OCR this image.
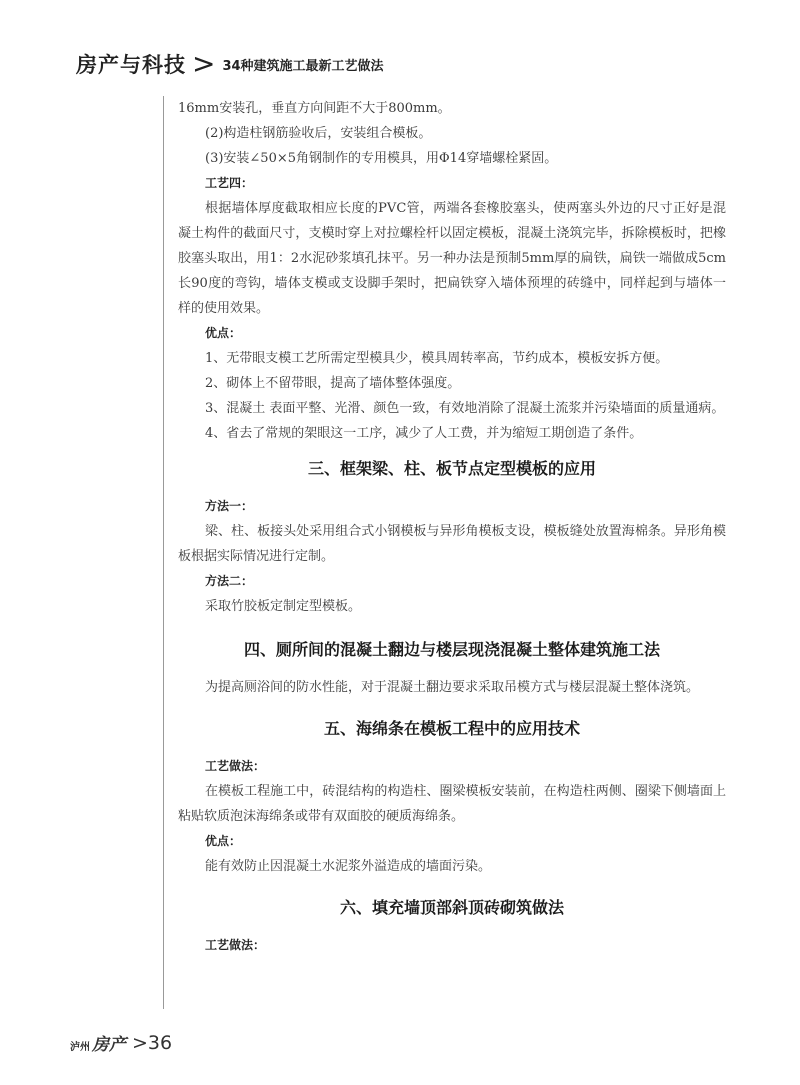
房产与科技 > 34种建筑施工最新工艺做法

16mm安装孔，垂直方向间距不大于800mm。

(2)构造柱钢筋验收后，安装组合模板。

(3)安装∠50×5角钢制作的专用模具，用Φ14穿墙螺栓紧固。

工艺四：

根据墙体厚度截取相应长度的PVC管，两端各套橡胶塞头，使两塞头外边的尺寸正好是混凝土构件的截面尺寸，支模时穿上对拉螺栓杆以固定模板，混凝土浇筑完毕，拆除模板时，把橡胶塞头取出，用1：2水泥砂浆填孔抹平。另一种办法是预制5mm厚的扁铁，扁铁一端做成5cm长90度的弯钩，墙体支模或支设脚手架时，把扁铁穿入墙体预埋的砖缝中，同样起到与墙体一样的使用效果。

优点：

1、无带眼支模工艺所需定型模具少，模具周转率高，节约成本，模板安拆方便。

2、砌体上不留带眼，提高了墙体整体强度。

3、混凝土 表面平整、光滑、颜色一致，有效地消除了混凝土流浆并污染墙面的质量通病。

4、省去了常规的架眼这一工序，减少了人工费，并为缩短工期创造了条件。

三、框架梁、柱、板节点定型模板的应用

方法一：

梁、柱、板接头处采用组合式小钢模板与异形角模板支设，模板缝处放置海棉条。异形角模板根据实际情况进行定制。

方法二：

采取竹胶板定制定型模板。

四、厕所间的混凝土翻边与楼层现浇混凝土整体建筑施工法

为提高厕浴间的防水性能，对于混凝土翻边要求采取吊模方式与楼层混凝土整体浇筑。

五、海绵条在模板工程中的应用技术

工艺做法：

在模板工程施工中，砖混结构的构造柱、圈梁模板安装前，在构造柱两侧、圈梁下侧墙面上粘贴软质泡沫海绵条或带有双面胶的硬质海绵条。

优点：

能有效防止因混凝土水泥浆外溢造成的墙面污染。

六、填充墙顶部斜顶砖砌筑做法

工艺做法：

泸州 房产 >36
